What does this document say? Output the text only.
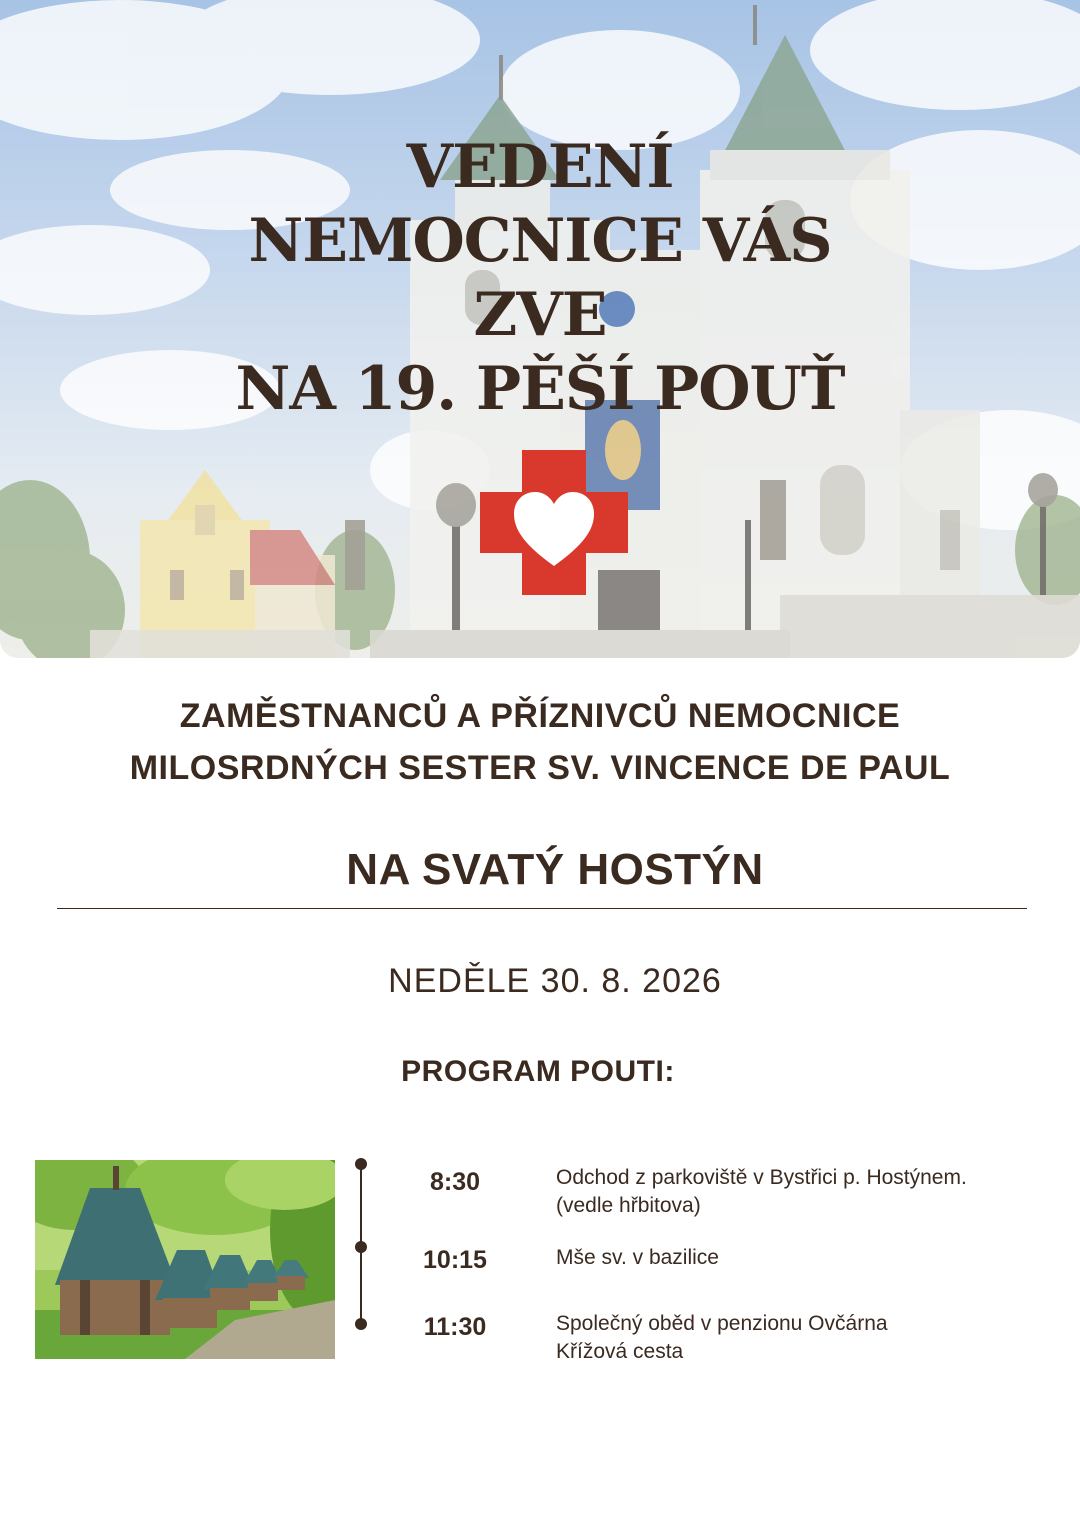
VEDENÍ
NEMOCNICE VÁS
ZVE
NA 19. PĚŠÍ POUŤ
ZAMĚSTNANCŮ A PŘÍZNIVCŮ NEMOCNICE
MILOSRDNÝCH SESTER SV. VINCENCE DE PAUL
NA SVATÝ HOSTÝN
NEDĚLE 30. 8. 2026
PROGRAM POUTI:
8:30	Odchod z parkoviště v Bystřici p. Hostýnem.
(vedle hřbitova)
10:15	Mše sv. v bazilice
11:30	Společný oběd v penzionu Ovčárna
Křížová cesta
